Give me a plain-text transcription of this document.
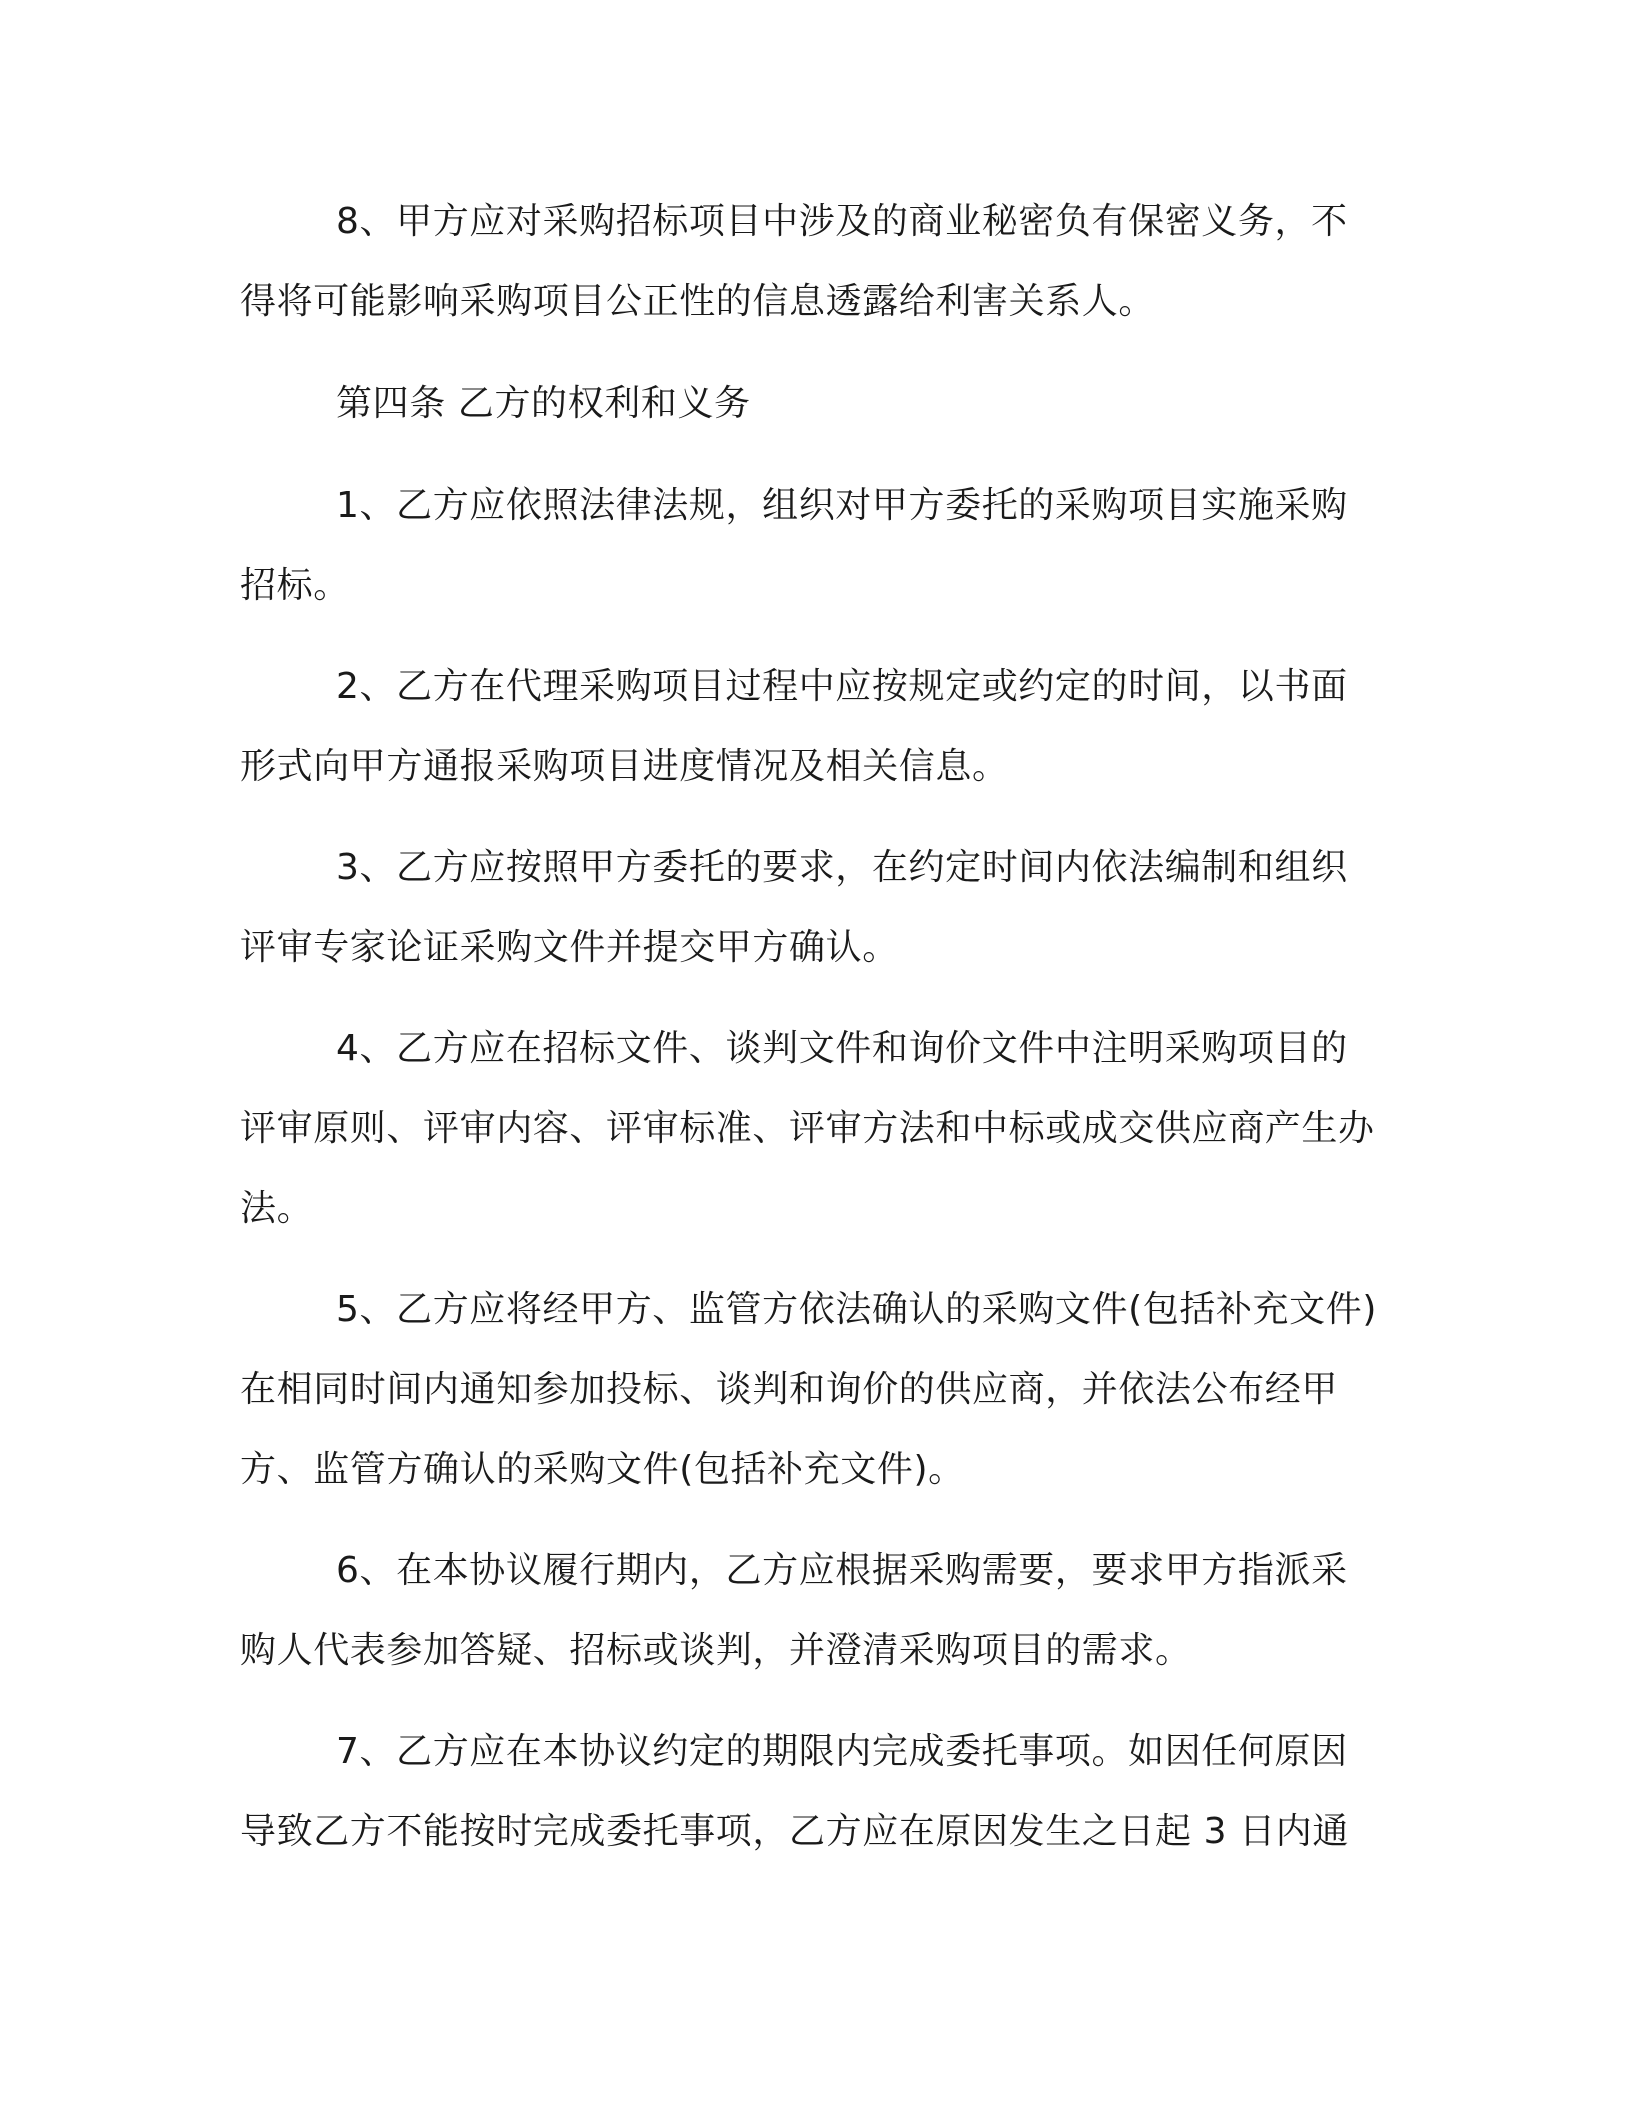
8、甲方应对采购招标项目中涉及的商业秘密负有保密义务，不得将可能影响采购项目公正性的信息透露给利害关系人。

第四条 乙方的权利和义务

1、乙方应依照法律法规，组织对甲方委托的采购项目实施采购招标。

2、乙方在代理采购项目过程中应按规定或约定的时间，以书面形式向甲方通报采购项目进度情况及相关信息。

3、乙方应按照甲方委托的要求，在约定时间内依法编制和组织评审专家论证采购文件并提交甲方确认。

4、乙方应在招标文件、谈判文件和询价文件中注明采购项目的评审原则、评审内容、评审标准、评审方法和中标或成交供应商产生办法。

5、乙方应将经甲方、监管方依法确认的采购文件(包括补充文件)在相同时间内通知参加投标、谈判和询价的供应商，并依法公布经甲方、监管方确认的采购文件(包括补充文件)。

6、在本协议履行期内，乙方应根据采购需要，要求甲方指派采购人代表参加答疑、招标或谈判，并澄清采购项目的需求。

7、乙方应在本协议约定的期限内完成委托事项。如因任何原因导致乙方不能按时完成委托事项，乙方应在原因发生之日起 3 日内通
